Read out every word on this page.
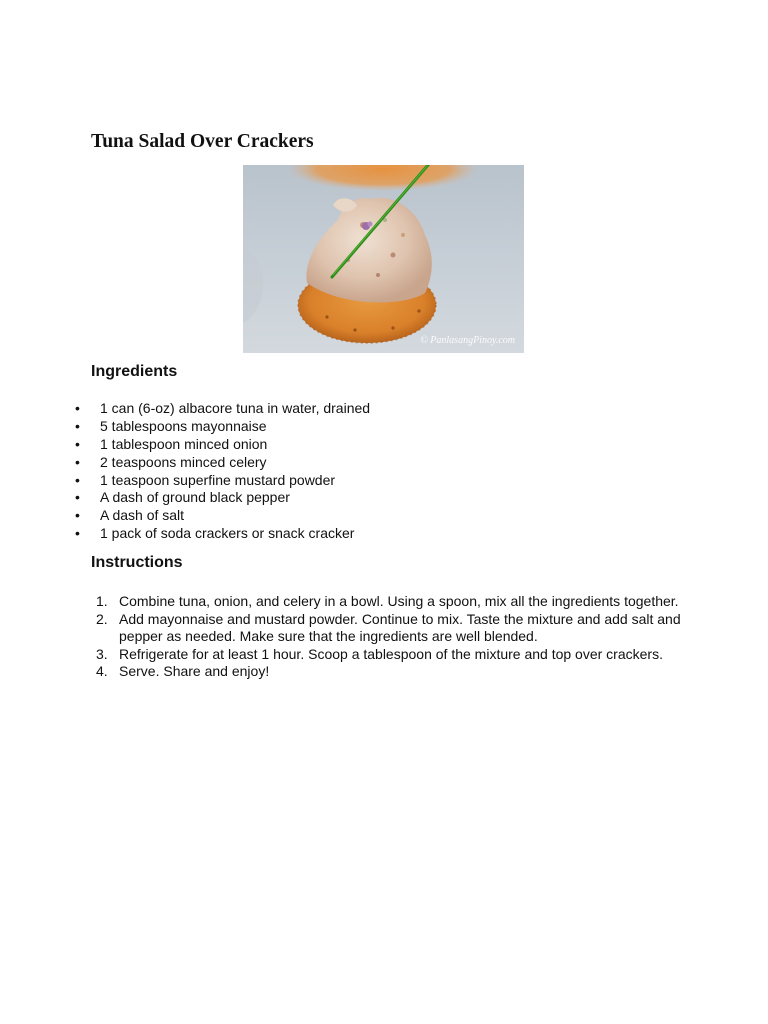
Tuna Salad Over Crackers
© PanlasangPinoy.com
Ingredients
• 1 can (6-oz) albacore tuna in water, drained
• 5 tablespoons mayonnaise
• 1 tablespoon minced onion
• 2 teaspoons minced celery
• 1 teaspoon superfine mustard powder
• A dash of ground black pepper
• A dash of salt
• 1 pack of soda crackers or snack cracker
Instructions
1. Combine tuna, onion, and celery in a bowl. Using a spoon, mix all the ingredients together.
2. Add mayonnaise and mustard powder. Continue to mix. Taste the mixture and add salt and pepper as needed. Make sure that the ingredients are well blended.
3. Refrigerate for at least 1 hour. Scoop a tablespoon of the mixture and top over crackers.
4. Serve. Share and enjoy!
